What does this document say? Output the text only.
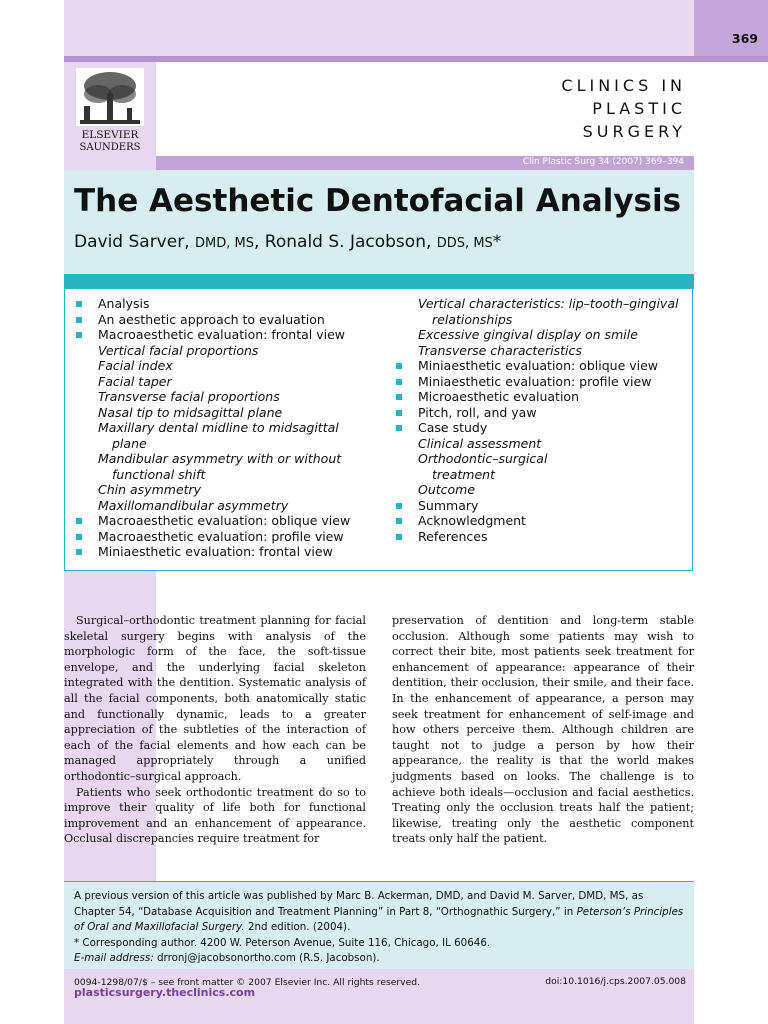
369
ELSEVIER
SAUNDERS
CLINICS IN
PLASTIC
SURGERY
Clin Plastic Surg 34 (2007) 369–394
The Aesthetic Dentofacial Analysis
David Sarver, DMD, MS, Ronald S. Jacobson, DDS, MS*
Analysis
An aesthetic approach to evaluation
Macroaesthetic evaluation: frontal view
Vertical facial proportions
Facial index
Facial taper
Transverse facial proportions
Nasal tip to midsagittal plane
Maxillary dental midline to midsagittal plane
Mandibular asymmetry with or without functional shift
Chin asymmetry
Maxillomandibular asymmetry
Macroaesthetic evaluation: oblique view
Macroaesthetic evaluation: profile view
Miniaesthetic evaluation: frontal view
Vertical characteristics: lip–tooth–gingival relationships
Excessive gingival display on smile
Transverse characteristics
Miniaesthetic evaluation: oblique view
Miniaesthetic evaluation: profile view
Microaesthetic evaluation
Pitch, roll, and yaw
Case study
Clinical assessment
Orthodontic–surgical treatment
Outcome
Summary
Acknowledgment
References

Surgical–orthodontic treatment planning for facial skeletal surgery begins with analysis of the morphologic form of the face, the soft-tissue envelope, and the underlying facial skeleton integrated with the dentition. Systematic analysis of all the facial components, both anatomically static and functionally dynamic, leads to a greater appreciation of the subtleties of the interaction of each of the facial elements and how each can be managed appropriately through a unified orthodontic–surgical approach.

Patients who seek orthodontic treatment do so to improve their quality of life both for functional improvement and an enhancement of appearance. Occlusal discrepancies require treatment for

preservation of dentition and long-term stable occlusion. Although some patients may wish to correct their bite, most patients seek treatment for enhancement of appearance: appearance of their dentition, their occlusion, their smile, and their face. In the enhancement of appearance, a person may seek treatment for enhancement of self-image and how others perceive them. Although children are taught not to judge a person by how their appearance, the reality is that the world makes judgments based on looks. The challenge is to achieve both ideals—occlusion and facial aesthetics. Treating only the occlusion treats half the patient; likewise, treating only the aesthetic component treats only half the patient.

A previous version of this article was published by Marc B. Ackerman, DMD, and David M. Sarver, DMD, MS, as Chapter 54, “Database Acquisition and Treatment Planning” in Part 8, “Orthognathic Surgery,” in Peterson’s Principles of Oral and Maxillofacial Surgery. 2nd edition. (2004).

* Corresponding author. 4200 W. Peterson Avenue, Suite 116, Chicago, IL 60646.

E-mail address: drronj@jacobsonortho.com (R.S. Jacobson).

0094-1298/07/$ – see front matter © 2007 Elsevier Inc. All rights reserved.
plasticsurgery.theclinics.com
doi:10.1016/j.cps.2007.05.008
